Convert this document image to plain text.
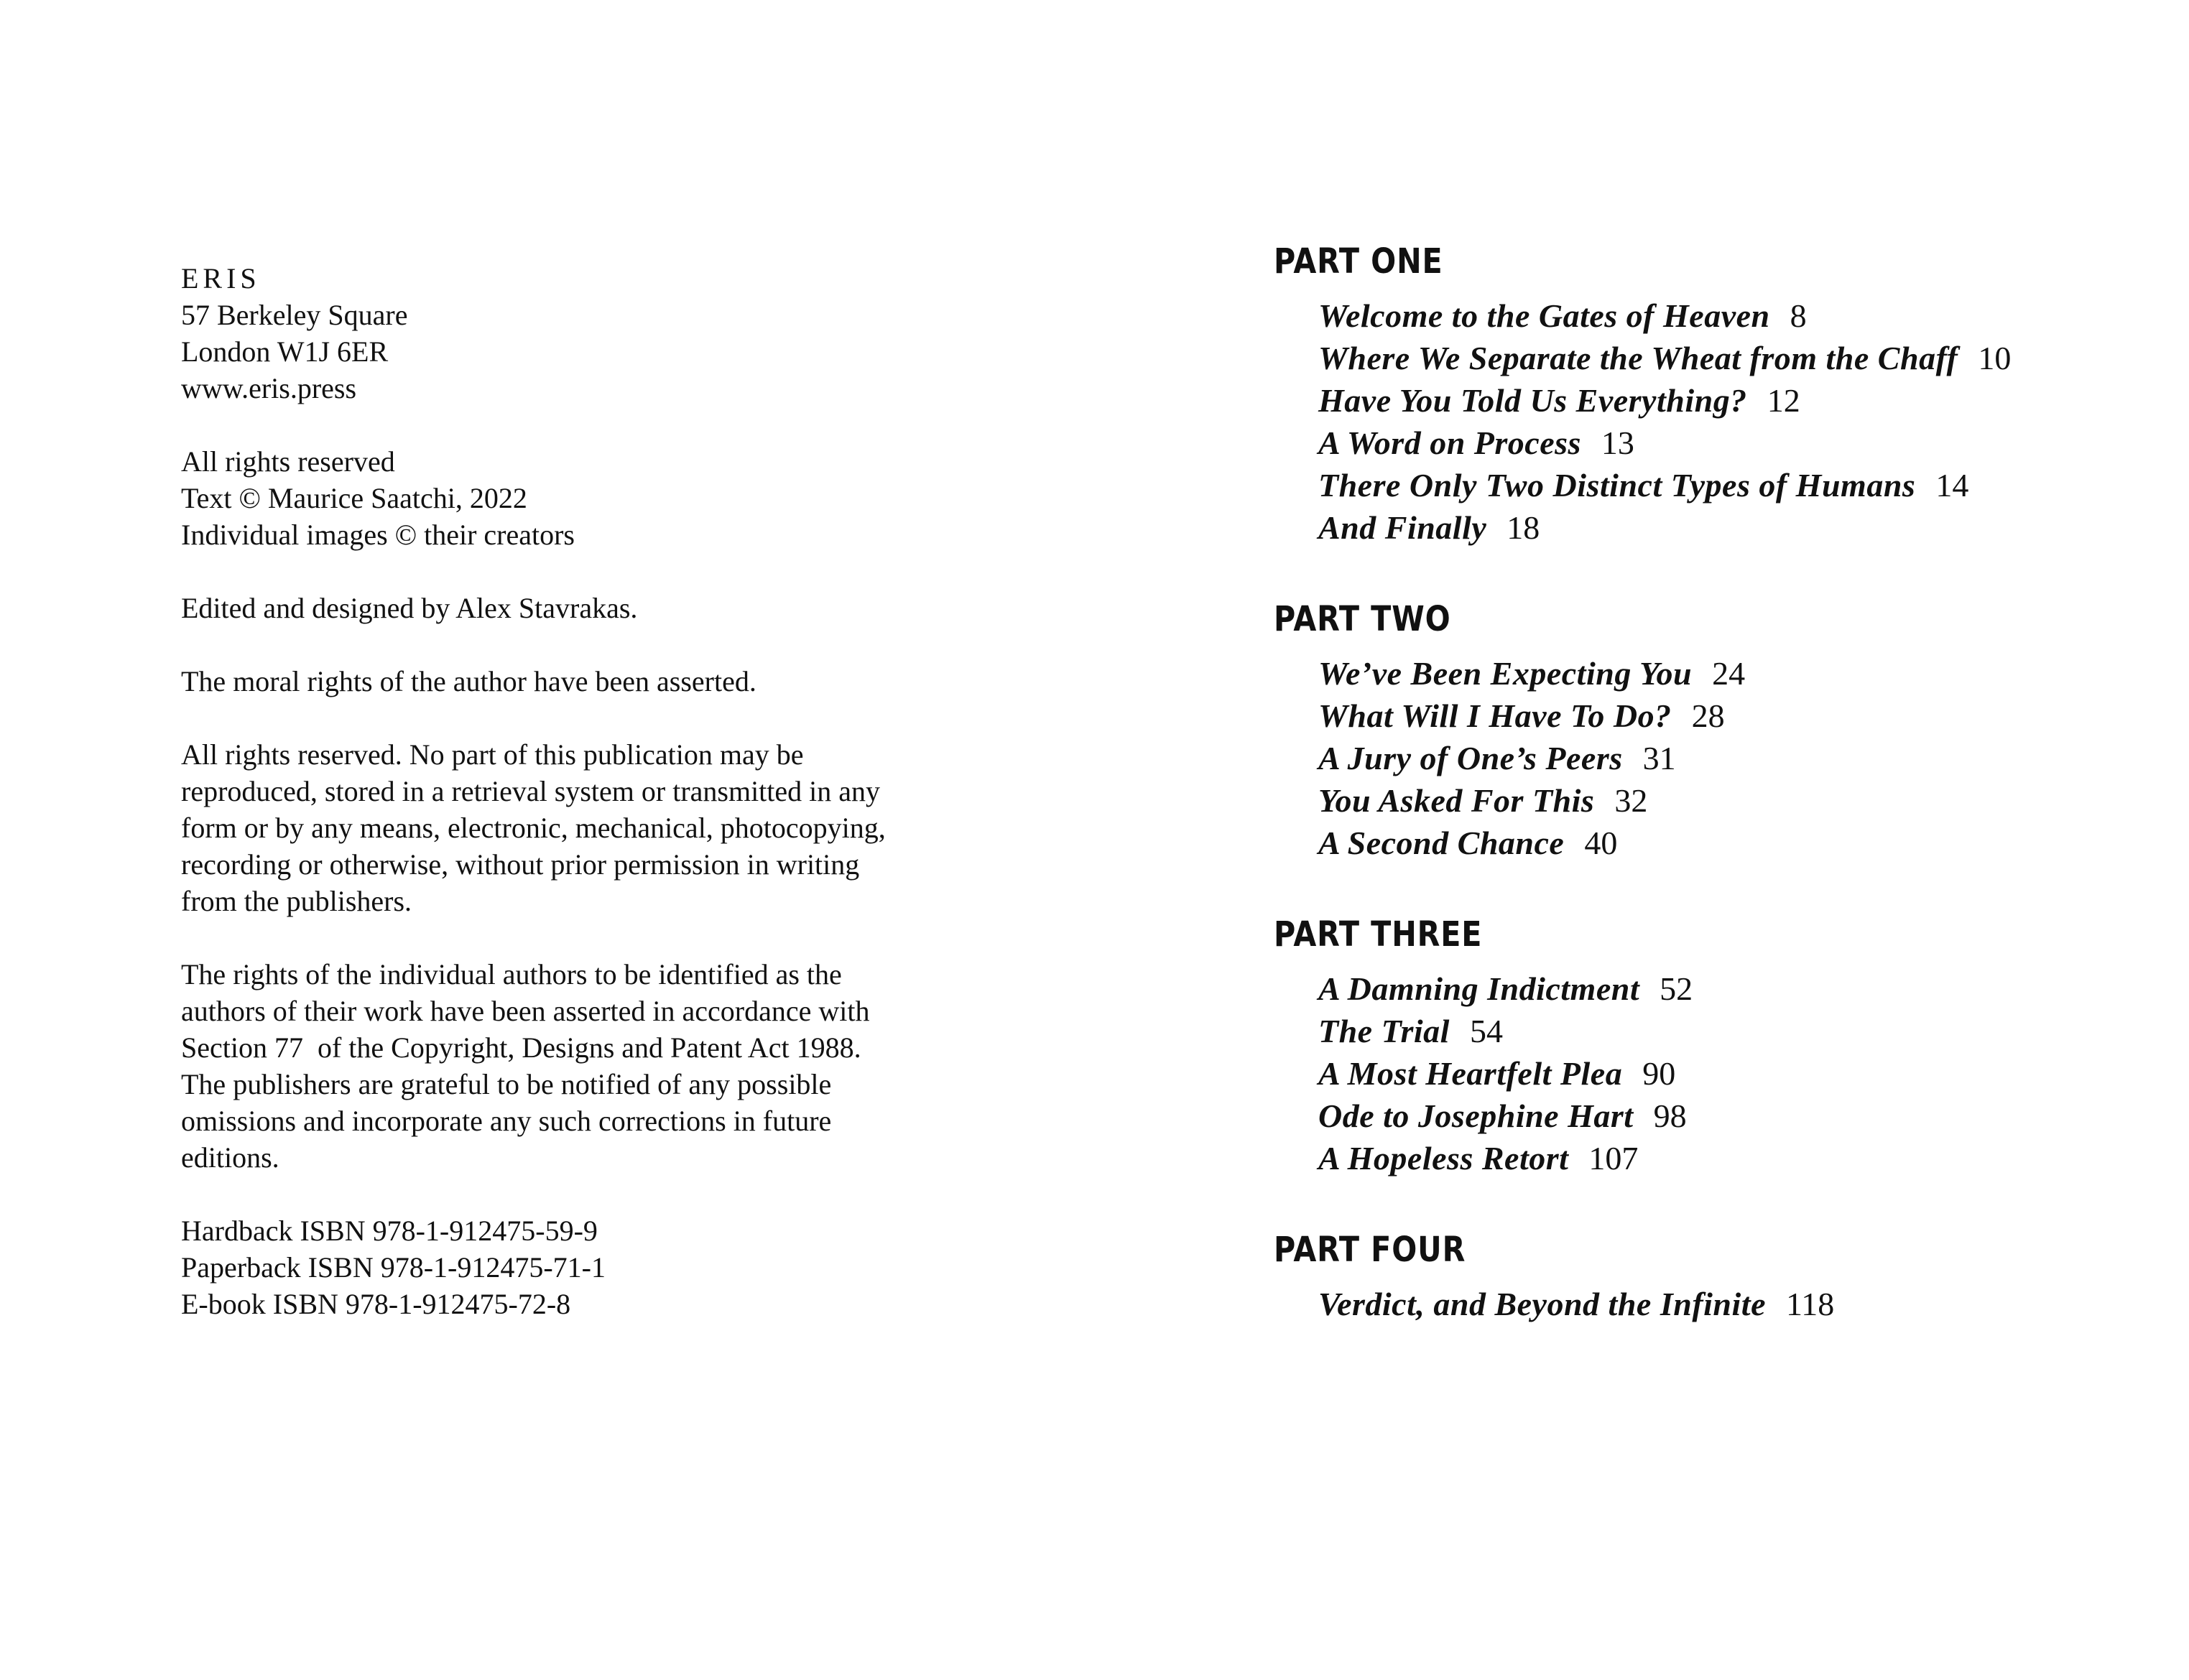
ERIS
57 Berkeley Square
London W1J 6ER
www.eris.press
All rights reserved
Text © Maurice Saatchi, 2022
Individual images © their creators
Edited and designed by Alex Stavrakas.
The moral rights of the author have been asserted.
All rights reserved. No part of this publication may be
reproduced, stored in a retrieval system or transmitted in any
form or by any means, electronic, mechanical, photocopying,
recording or otherwise, without prior permission in writing
from the publishers.
The rights of the individual authors to be identified as the
authors of their work have been asserted in accordance with
Section 77  of the Copyright, Designs and Patent Act 1988.
The publishers are grateful to be notified of any possible
omissions and incorporate any such corrections in future
editions.
Hardback ISBN 978-1-912475-59-9
Paperback ISBN 978-1-912475-71-1
E-book ISBN 978-1-912475-72-8
PART ONE
Welcome to the Gates of Heaven 8
Where We Separate the Wheat from the Chaff 10
Have You Told Us Everything? 12
A Word on Process 13
There Only Two Distinct Types of Humans 14
And Finally 18
PART TWO
We’ve Been Expecting You 24
What Will I Have To Do? 28
A Jury of One’s Peers 31
You Asked For This 32
A Second Chance 40
PART THREE
A Damning Indictment 52
The Trial 54
A Most Heartfelt Plea 90
Ode to Josephine Hart 98
A Hopeless Retort 107
PART FOUR
Verdict, and Beyond the Infinite 118
